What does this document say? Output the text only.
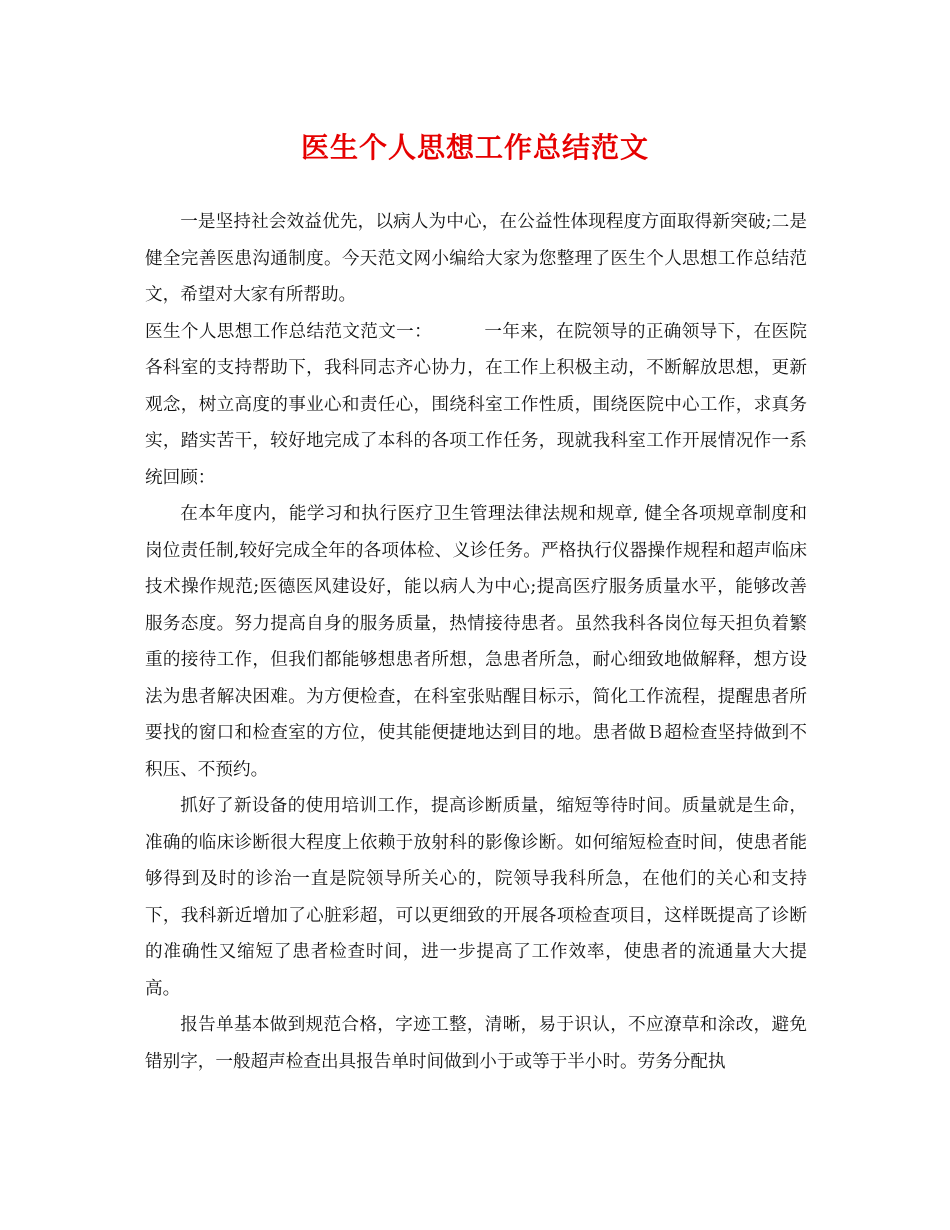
医生个人思想工作总结范文

一是坚持社会效益优先，以病人为中心，在公益性体现程度方面取得新突破;二是健全完善医患沟通制度。今天范文网小编给大家为您整理了医生个人思想工作总结范文，希望对大家有所帮助。

医生个人思想工作总结范文范文一：	一年来，在院领导的正确领导下，在医院各科室的支持帮助下，我科同志齐心协力，在工作上积极主动，不断解放思想，更新观念，树立高度的事业心和责任心，围绕科室工作性质，围绕医院中心工作，求真务实，踏实苦干，较好地完成了本科的各项工作任务，现就我科室工作开展情况作一系统回顾：

在本年度内，能学习和执行医疗卫生管理法律法规和规章, 健全各项规章制度和岗位责任制,较好完成全年的各项体检、义诊任务。严格执行仪器操作规程和超声临床技术操作规范;医德医风建设好，能以病人为中心;提高医疗服务质量水平，能够改善服务态度。努力提高自身的服务质量，热情接待患者。虽然我科各岗位每天担负着繁重的接待工作，但我们都能够想患者所想，急患者所急，耐心细致地做解释，想方设法为患者解决困难。为方便检查，在科室张贴醒目标示，简化工作流程，提醒患者所要找的窗口和检查室的方位，使其能便捷地达到目的地。患者做Ｂ超检查坚持做到不积压、不预约。

抓好了新设备的使用培训工作，提高诊断质量，缩短等待时间。质量就是生命，准确的临床诊断很大程度上依赖于放射科的影像诊断。如何缩短检查时间，使患者能够得到及时的诊治一直是院领导所关心的，院领导我科所急，在他们的关心和支持下，我科新近增加了心脏彩超，可以更细致的开展各项检查项目，这样既提高了诊断的准确性又缩短了患者检查时间，进一步提高了工作效率，使患者的流通量大大提高。

报告单基本做到规范合格，字迹工整，清晰，易于识认，不应潦草和涂改，避免错别字，一般超声检查出具报告单时间做到小于或等于半小时。劳务分配执
